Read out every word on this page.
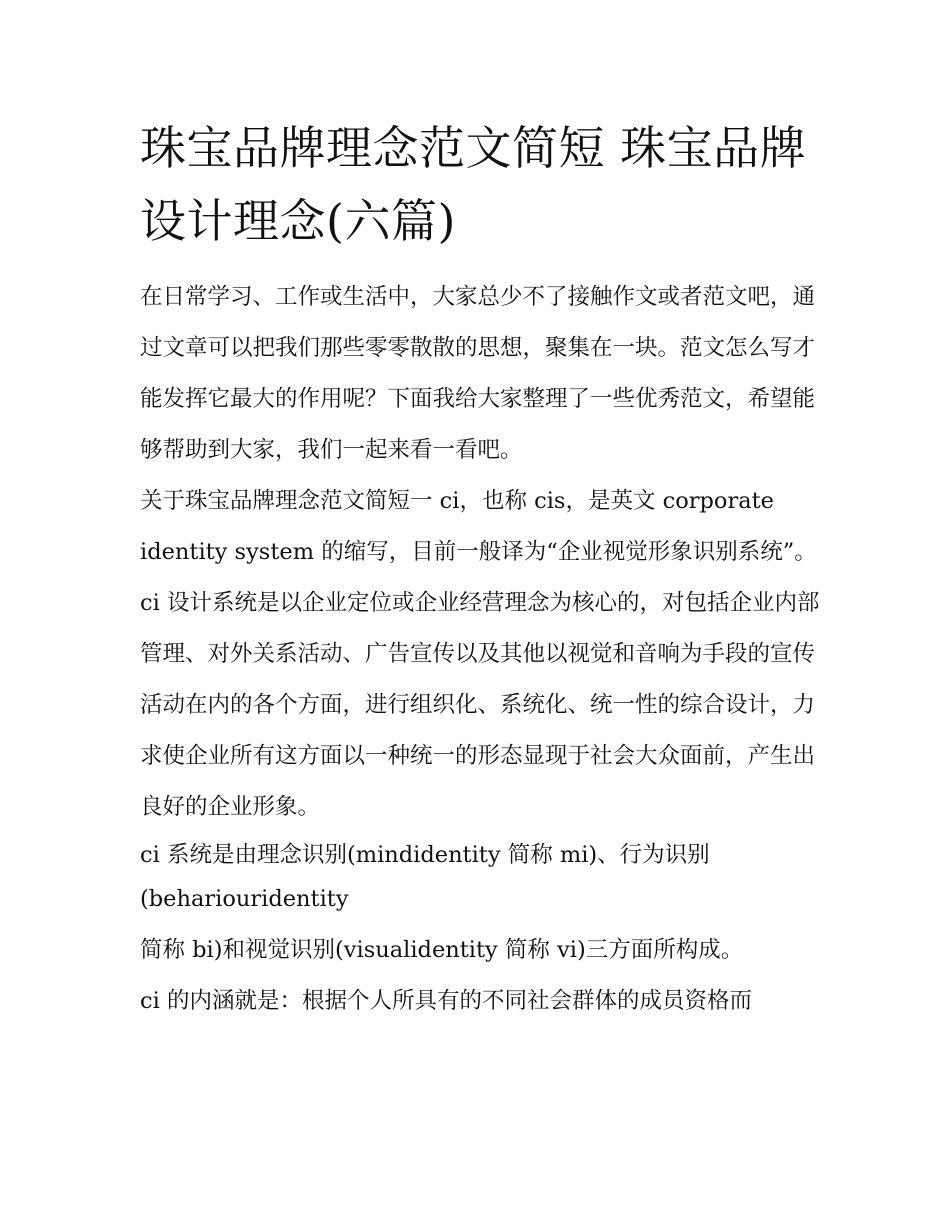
珠宝品牌理念范文简短 珠宝品牌设计理念(六篇)

在日常学习、工作或生活中，大家总少不了接触作文或者范文吧，通过文章可以把我们那些零零散散的思想，聚集在一块。范文怎么写才能发挥它最大的作用呢？下面我给大家整理了一些优秀范文，希望能够帮助到大家，我们一起来看一看吧。

关于珠宝品牌理念范文简短一 ci，也称 cis，是英文 corporate identity system 的缩写，目前一般译为“企业视觉形象识别系统”。

ci 设计系统是以企业定位或企业经营理念为核心的，对包括企业内部管理、对外关系活动、广告宣传以及其他以视觉和音响为手段的宣传活动在内的各个方面，进行组织化、系统化、统一性的综合设计，力求使企业所有这方面以一种统一的形态显现于社会大众面前，产生出良好的企业形象。

ci 系统是由理念识别(mindidentity 简称 mi)、行为识别 (behariouridentity

简称 bi)和视觉识别(visualidentity 简称 vi)三方面所构成。

ci 的内涵就是：根据个人所具有的不同社会群体的成员资格而
